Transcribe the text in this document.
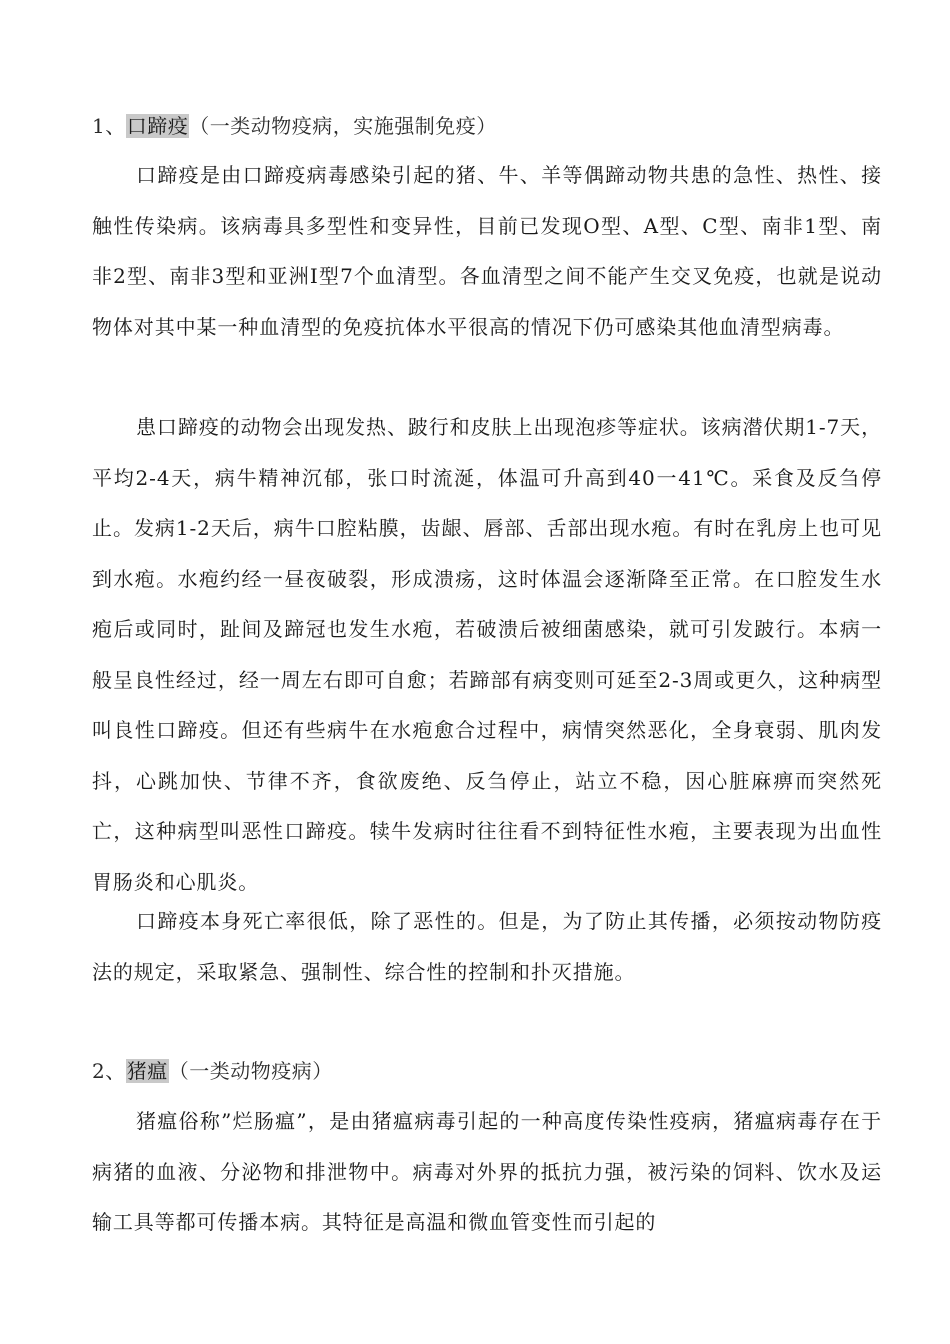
1、口蹄疫（一类动物疫病，实施强制免疫）
口蹄疫是由口蹄疫病毒感染引起的猪、牛、羊等偶蹄动物共患的急性、热性、接触性传染病。该病毒具多型性和变异性，目前已发现O型、A型、C型、南非1型、南非2型、南非3型和亚洲I型7个血清型。各血清型之间不能产生交叉免疫，也就是说动物体对其中某一种血清型的免疫抗体水平很高的情况下仍可感染其他血清型病毒。
患口蹄疫的动物会出现发热、跛行和皮肤上出现泡疹等症状。该病潜伏期1-7天，平均2-4天，病牛精神沉郁，张口时流涎，体温可升高到40一41℃。采食及反刍停止。发病1-2天后，病牛口腔粘膜，齿龈、唇部、舌部出现水疱。有时在乳房上也可见到水疱。水疱约经一昼夜破裂，形成溃疡，这时体温会逐渐降至正常。在口腔发生水疱后或同时，趾间及蹄冠也发生水疱，若破溃后被细菌感染，就可引发跛行。本病一般呈良性经过，经一周左右即可自愈；若蹄部有病变则可延至2-3周或更久，这种病型叫良性口蹄疫。但还有些病牛在水疱愈合过程中，病情突然恶化，全身衰弱、肌肉发抖，心跳加快、节律不齐，食欲废绝、反刍停止，站立不稳，因心脏麻痹而突然死亡，这种病型叫恶性口蹄疫。犊牛发病时往往看不到特征性水疱，主要表现为出血性胃肠炎和心肌炎。
口蹄疫本身死亡率很低，除了恶性的。但是，为了防止其传播，必须按动物防疫法的规定，采取紧急、强制性、综合性的控制和扑灭措施。
2、猪瘟（一类动物疫病）
猪瘟俗称”烂肠瘟”，是由猪瘟病毒引起的一种高度传染性疫病，猪瘟病毒存在于病猪的血液、分泌物和排泄物中。病毒对外界的抵抗力强，被污染的饲料、饮水及运输工具等都可传播本病。其特征是高温和微血管变性而引起的
